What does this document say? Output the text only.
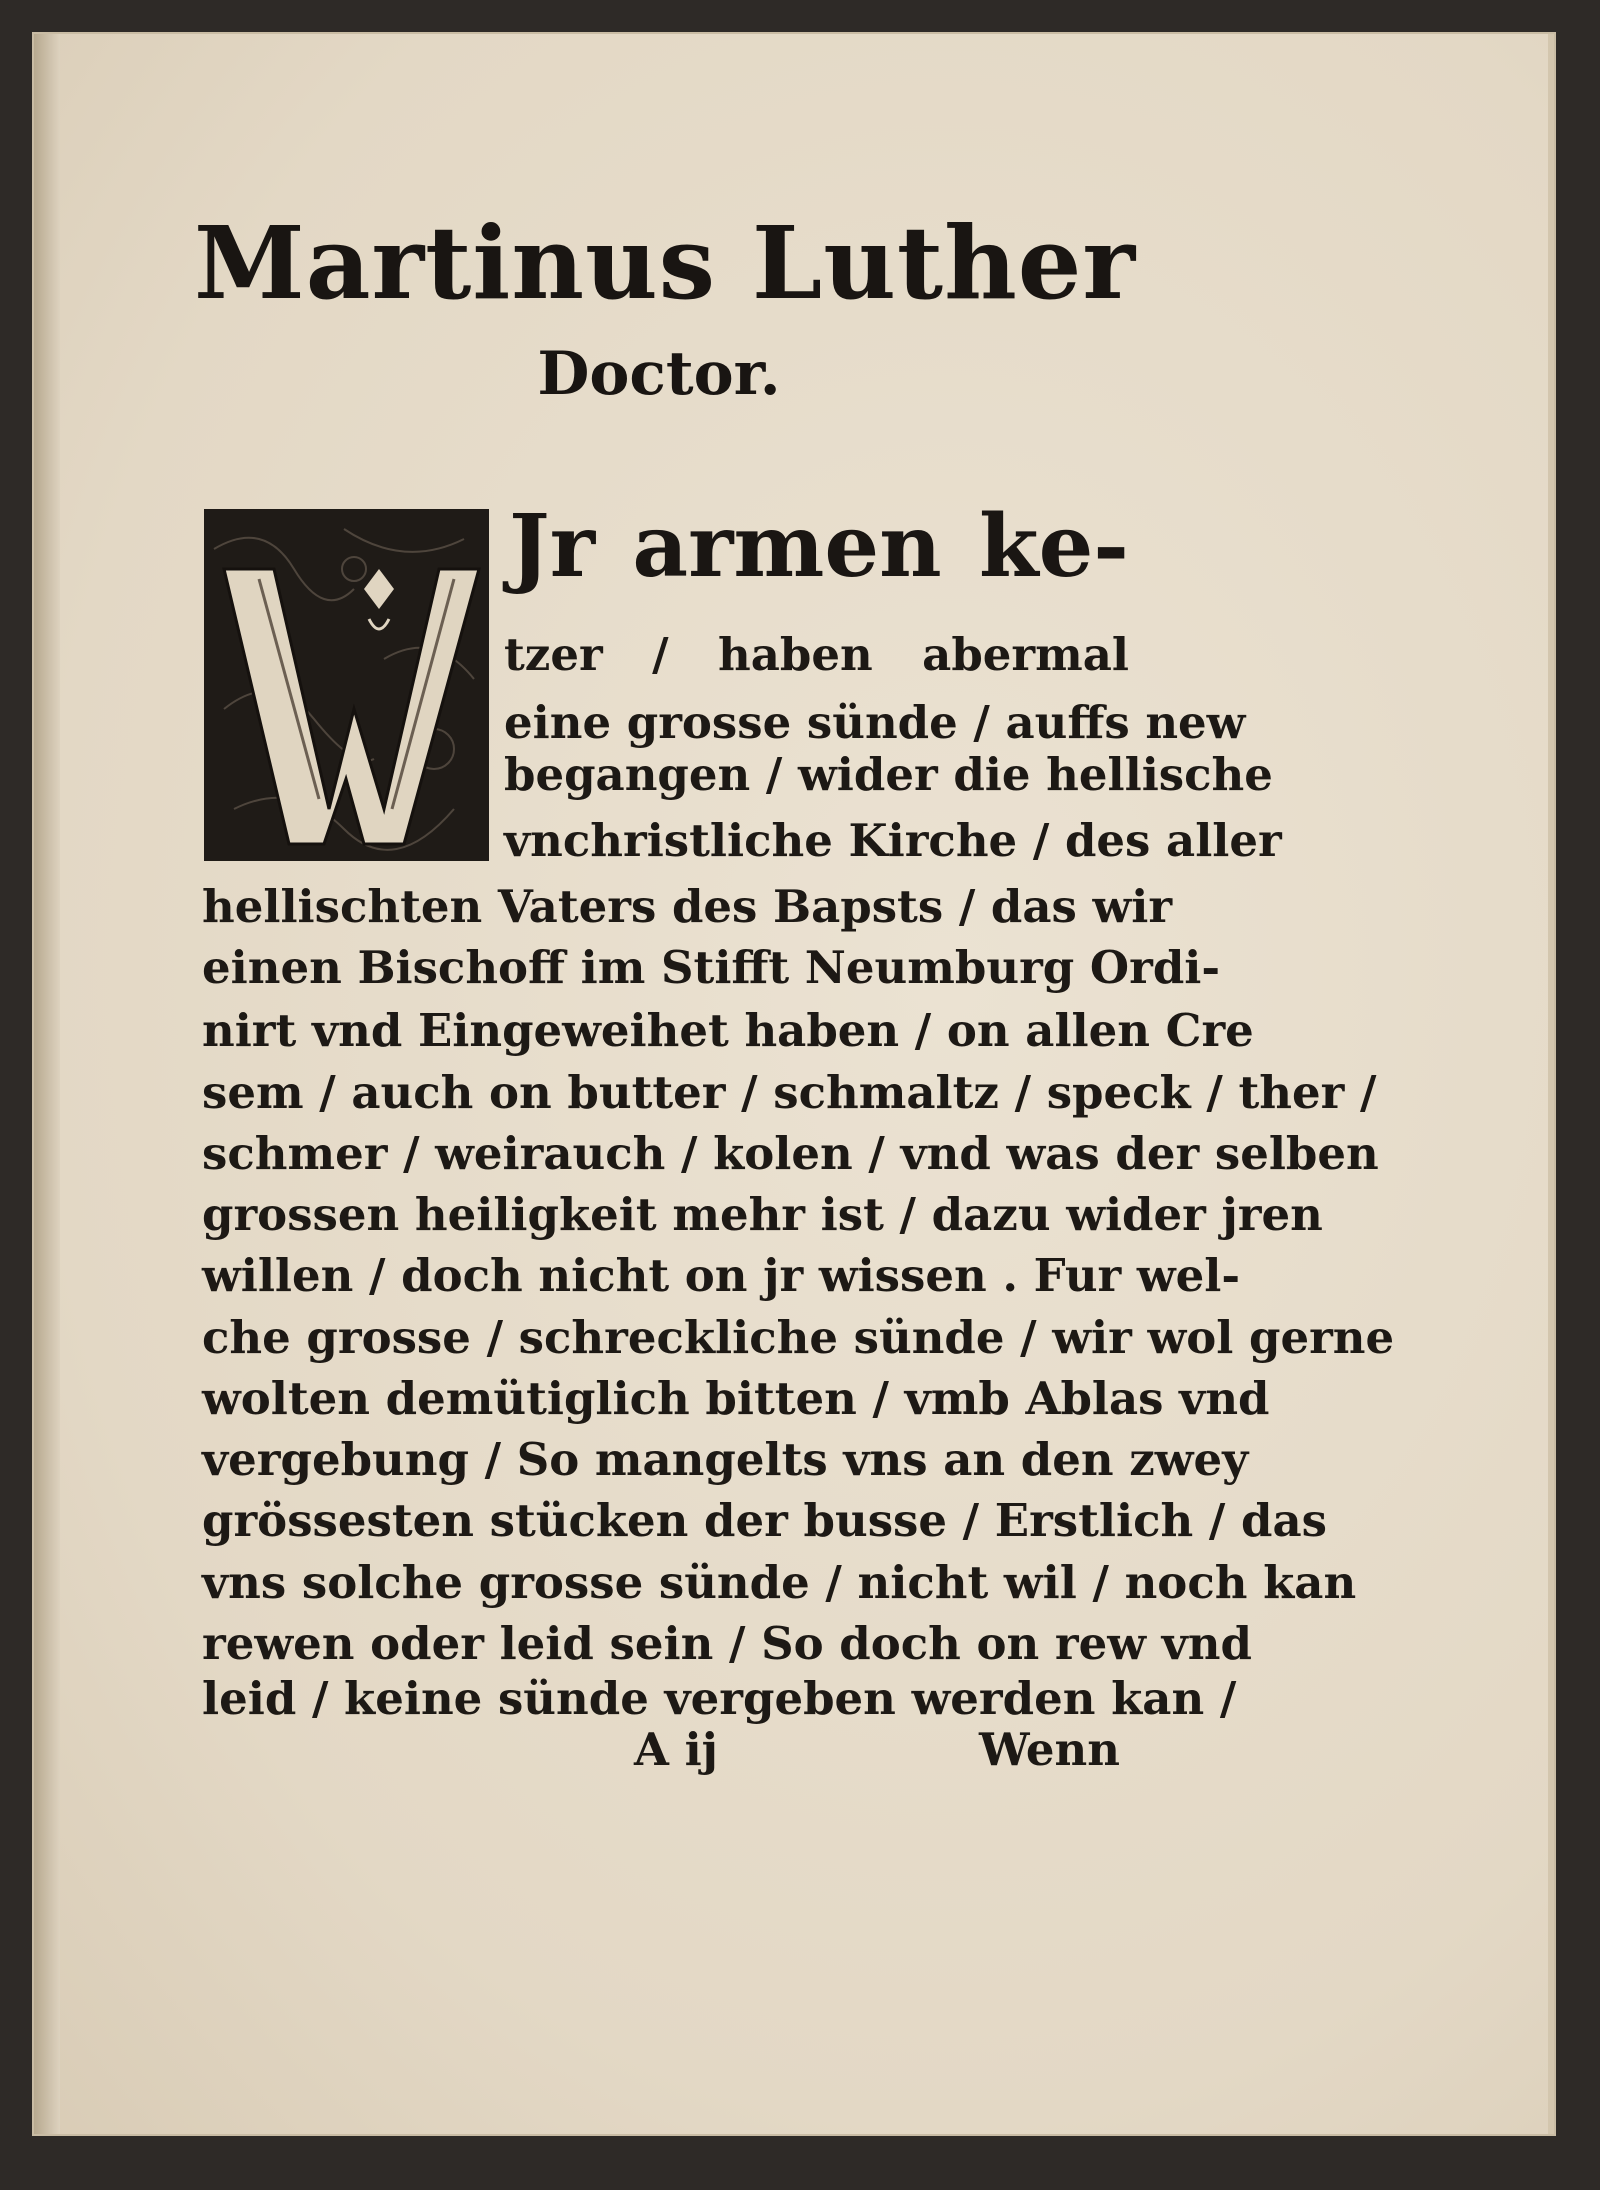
Martinus Luther
Doctor.
Jr armen ke-

tzer / haben abermal

eine grosse sünde / auffs new

begangen / wider die hellische

vnchristliche Kirche / des aller

hellischten Vaters des Bapsts / das wir

einen Bischoff im Stifft Neumburg Ordi-

nirt vnd Eingeweihet haben / on allen Cre

sem / auch on butter / schmaltz / speck / ther /

schmer / weirauch / kolen / vnd was der selben

grossen heiligkeit mehr ist / dazu wider jren

willen / doch nicht on jr wissen . Fur wel-

che grosse / schreckliche sünde / wir wol gerne

wolten demütiglich bitten / vmb Ablas vnd

vergebung / So mangelts vns an den zwey

grössesten stücken der busse / Erstlich / das

vns solche grosse sünde / nicht wil / noch kan

rewen oder leid sein / So doch on rew vnd

leid / keine sünde vergeben werden kan /

A ij	Wenn
